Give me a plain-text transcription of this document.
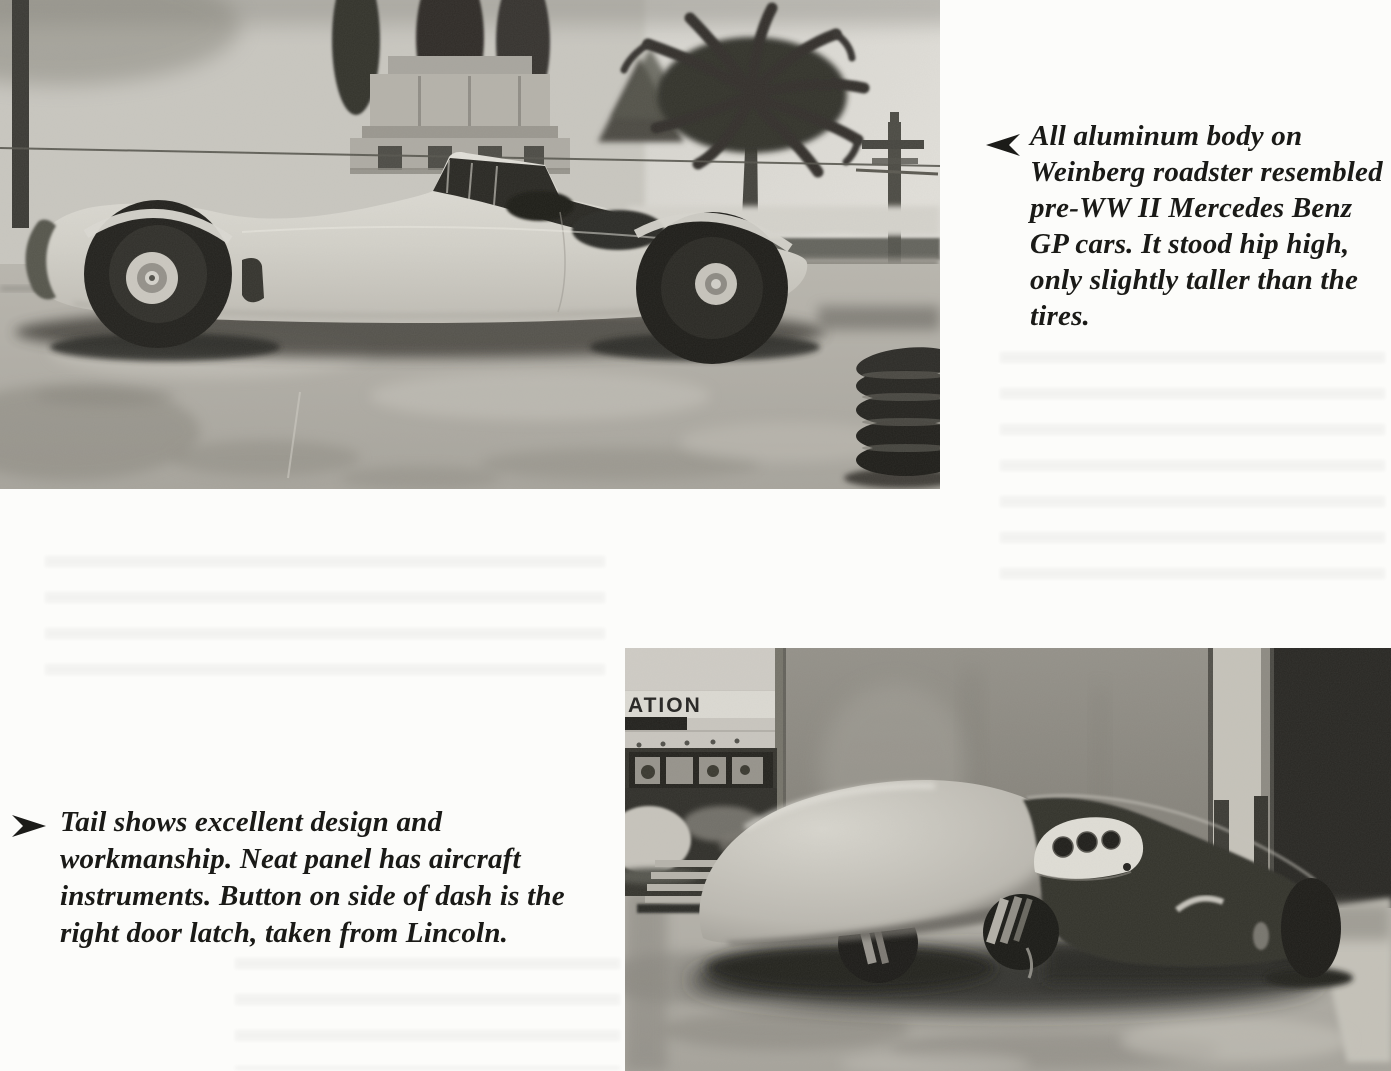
All aluminum body on
Weinberg roadster resembled
pre-WW II Mercedes Benz
GP cars. It stood hip high,
only slightly taller than the
tires.
Tail shows excellent design and
workmanship. Neat panel has aircraft
instruments. Button on side of dash is the
right door latch, taken from Lincoln.
ATION
